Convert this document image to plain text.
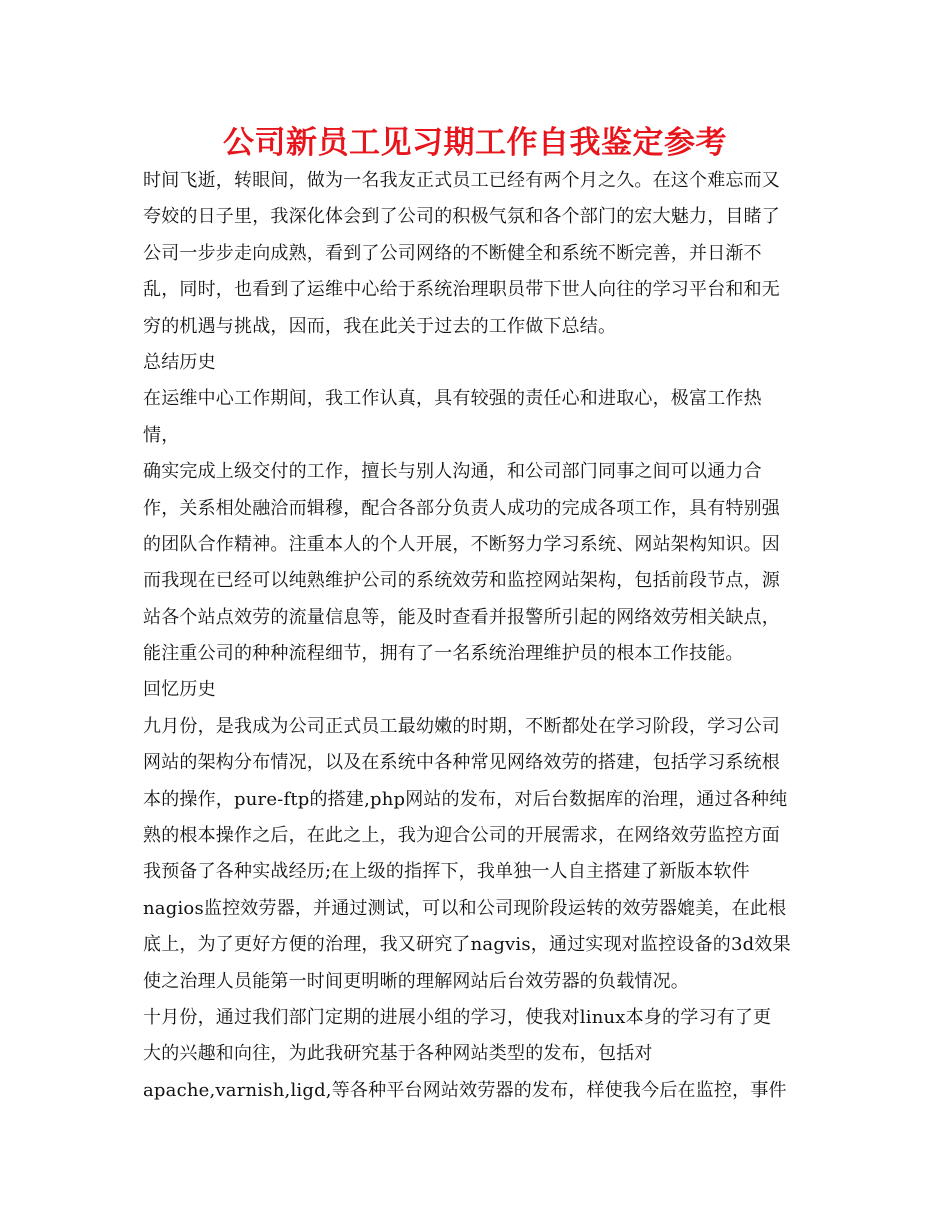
公司新员工见习期工作自我鉴定参考
时间飞逝，转眼间，做为一名我友正式员工已经有两个月之久。在这个难忘而又
夸姣的日子里，我深化体会到了公司的积极气氛和各个部门的宏大魅力，目睹了
公司一步步走向成熟，看到了公司网络的不断健全和系统不断完善，并日渐不
乱，同时，也看到了运维中心给于系统治理职员带下世人向往的学习平台和和无
穷的机遇与挑战，因而，我在此关于过去的工作做下总结。
总结历史
在运维中心工作期间，我工作认真，具有较强的责任心和进取心，极富工作热
情，
确实完成上级交付的工作，擅长与别人沟通，和公司部门同事之间可以通力合
作，关系相处融洽而辑穆，配合各部分负责人成功的完成各项工作，具有特别强
的团队合作精神。注重本人的个人开展，不断努力学习系统、网站架构知识。因
而我现在已经可以纯熟维护公司的系统效劳和监控网站架构，包括前段节点，源
站各个站点效劳的流量信息等，能及时查看并报警所引起的网络效劳相关缺点，
能注重公司的种种流程细节，拥有了一名系统治理维护员的根本工作技能。
回忆历史
九月份，是我成为公司正式员工最幼嫩的时期，不断都处在学习阶段，学习公司
网站的架构分布情况，以及在系统中各种常见网络效劳的搭建，包括学习系统根
本的操作，pure-ftp的搭建,php网站的发布，对后台数据库的治理，通过各种纯
熟的根本操作之后，在此之上，我为迎合公司的开展需求，在网络效劳监控方面
我预备了各种实战经历;在上级的指挥下，我单独一人自主搭建了新版本软件
nagios监控效劳器，并通过测试，可以和公司现阶段运转的效劳器媲美，在此根
底上，为了更好方便的治理，我又研究了nagvis，通过实现对监控设备的3d效果
使之治理人员能第一时间更明晰的理解网站后台效劳器的负载情况。
十月份，通过我们部门定期的进展小组的学习，使我对linux本身的学习有了更
大的兴趣和向往，为此我研究基于各种网站类型的发布，包括对
apache,varnish,ligd,等各种平台网站效劳器的发布，样使我今后在监控，事件
